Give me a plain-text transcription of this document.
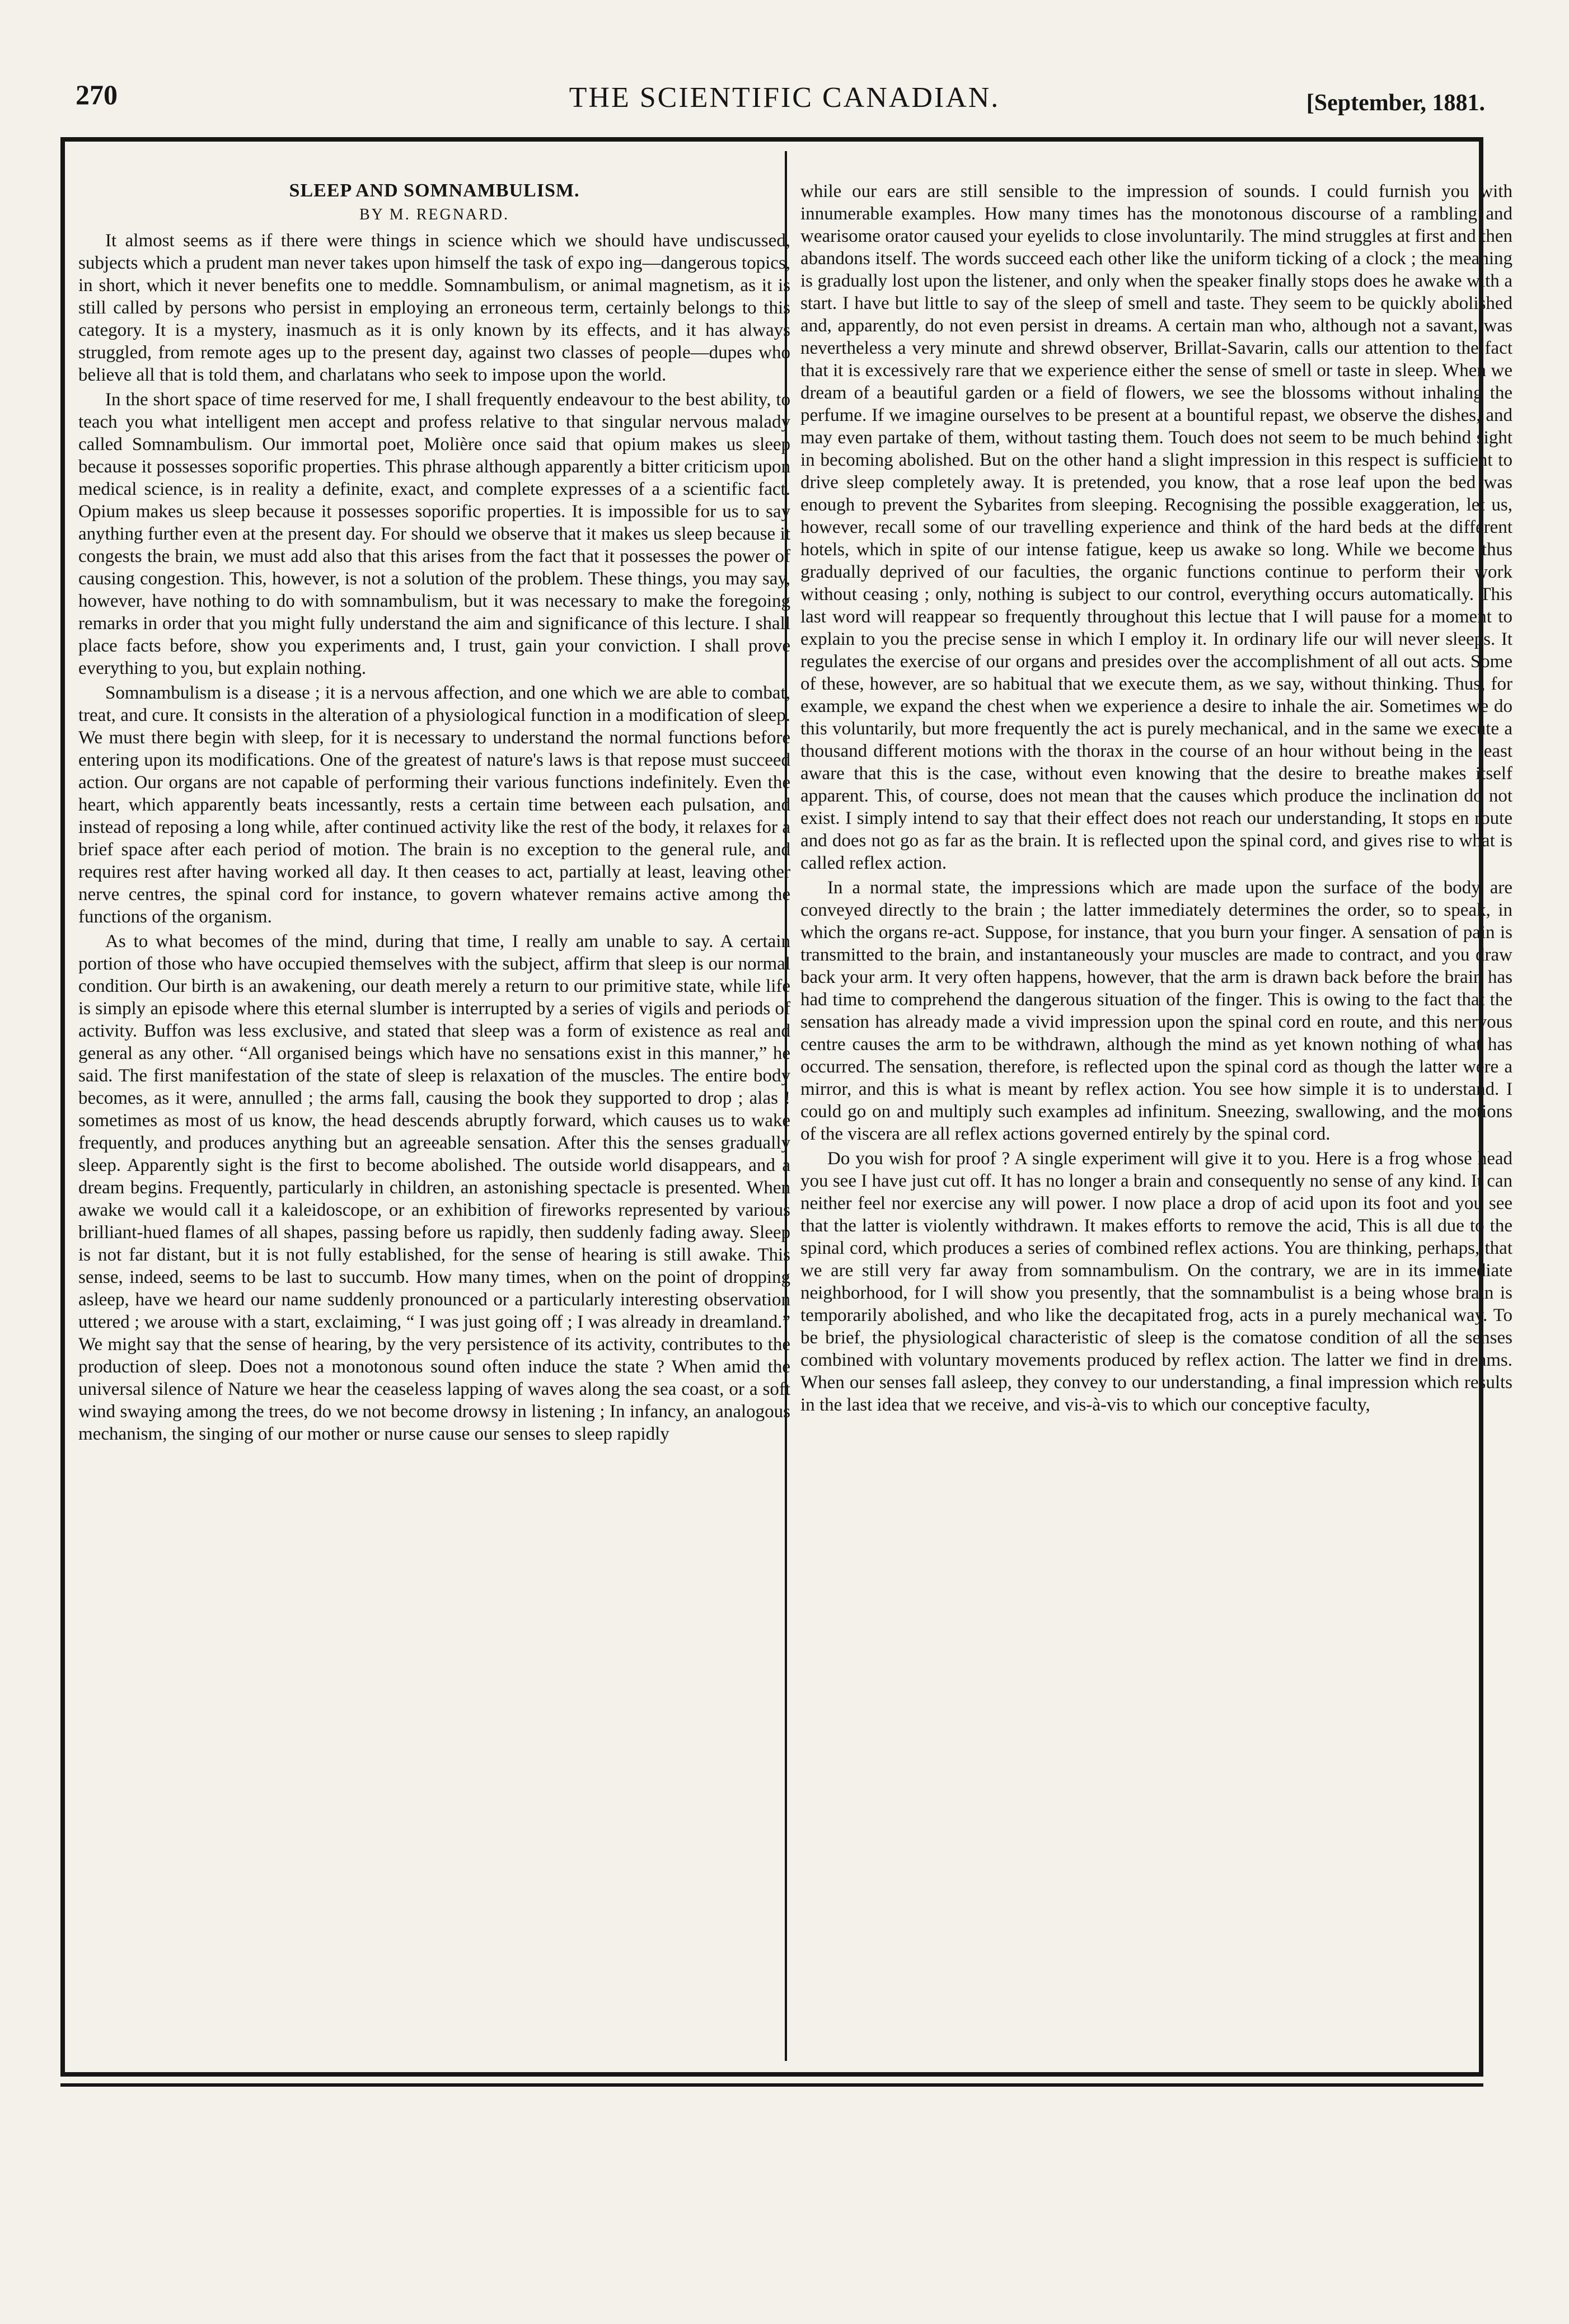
270	THE SCIENTIFIC CANADIAN.	[September, 1881.
SLEEP AND SOMNAMBULISM.
BY M. REGNARD.

It almost seems as if there were things in science which we should have undiscussed, subjects which a prudent man never takes upon himself the task of expo ing—dangerous topics, in short, which it never benefits one to meddle. Somnambulism, or animal magnetism, as it is still called by persons who persist in employing an erroneous term, certainly belongs to this category. It is a mystery, inasmuch as it is only known by its effects, and it has always struggled, from remote ages up to the present day, against two classes of people—dupes who believe all that is told them, and charlatans who seek to impose upon the world.

In the short space of time reserved for me, I shall frequently endeavour to the best ability, to teach you what intelligent men accept and profess relative to that singular nervous malady called Somnambulism. Our immortal poet, Molière once said that opium makes us sleep because it possesses soporific properties. This phrase although apparently a bitter criticism upon medical science, is in reality a definite, exact, and complete expresses of a a scientific fact. Opium makes us sleep because it possesses soporific properties. It is impossible for us to say anything further even at the present day. For should we observe that it makes us sleep because it congests the brain, we must add also that this arises from the fact that it possesses the power of causing congestion. This, however, is not a solution of the problem. These things, you may say, however, have nothing to do with somnambulism, but it was necessary to make the foregoing remarks in order that you might fully understand the aim and significance of this lecture. I shall place facts before, show you experiments and, I trust, gain your conviction. I shall prove everything to you, but explain nothing.

Somnambulism is a disease ; it is a nervous affection, and one which we are able to combat, treat, and cure. It consists in the alteration of a physiological function in a modification of sleep. We must there begin with sleep, for it is necessary to understand the normal functions before entering upon its modifications. One of the greatest of nature's laws is that repose must succeed action. Our organs are not capable of performing their various functions indefinitely. Even the heart, which apparently beats incessantly, rests a certain time between each pulsation, and instead of reposing a long while, after continued activity like the rest of the body, it relaxes for a brief space after each period of motion. The brain is no exception to the general rule, and requires rest after having worked all day. It then ceases to act, partially at least, leaving other nerve centres, the spinal cord for instance, to govern whatever remains active among the functions of the organism.

As to what becomes of the mind, during that time, I really am unable to say. A certain portion of those who have occupied themselves with the subject, affirm that sleep is our normal condition. Our birth is an awakening, our death merely a return to our primitive state, while life is simply an episode where this eternal slumber is interrupted by a series of vigils and periods of activity. Buffon was less exclusive, and stated that sleep was a form of existence as real and general as any other. “All organised beings which have no sensations exist in this manner,” he said. The first manifestation of the state of sleep is relaxation of the muscles. The entire body becomes, as it were, annulled ; the arms fall, causing the book they supported to drop ; alas ! sometimes as most of us know, the head descends abruptly forward, which causes us to wake frequently, and produces anything but an agreeable sensation. After this the senses gradually sleep. Apparently sight is the first to become abolished. The outside world disappears, and a dream begins. Frequently, particularly in children, an astonishing spectacle is presented. When awake we would call it a kaleidoscope, or an exhibition of fireworks represented by various brilliant-hued flames of all shapes, passing before us rapidly, then suddenly fading away. Sleep is not far distant, but it is not fully established, for the sense of hearing is still awake. This sense, indeed, seems to be last to succumb. How many times, when on the point of dropping asleep, have we heard our name suddenly pronounced or a particularly interesting observation uttered ; we arouse with a start, exclaiming, “ I was just going off ; I was already in dreamland.” We might say that the sense of hearing, by the very persistence of its activity, contributes to the production of sleep. Does not a monotonous sound often induce the state ? When amid the universal silence of Nature we hear the ceaseless lapping of waves along the sea coast, or a soft wind swaying among the trees, do we not become drowsy in listening ; In infancy, an analogous mechanism, the singing of our mother or nurse cause our senses to sleep rapidly

while our ears are still sensible to the impression of sounds. I could furnish you with innumerable examples. How many times has the monotonous discourse of a rambling and wearisome orator caused your eyelids to close involuntarily. The mind struggles at first and then abandons itself. The words succeed each other like the uniform ticking of a clock ; the meaning is gradually lost upon the listener, and only when the speaker finally stops does he awake with a start. I have but little to say of the sleep of smell and taste. They seem to be quickly abolished and, apparently, do not even persist in dreams. A certain man who, although not a savant, was nevertheless a very minute and shrewd observer, Brillat-Savarin, calls our attention to the fact that it is excessively rare that we experience either the sense of smell or taste in sleep. When we dream of a beautiful garden or a field of flowers, we see the blossoms without inhaling the perfume. If we imagine ourselves to be present at a bountiful repast, we observe the dishes, and may even partake of them, without tasting them. Touch does not seem to be much behind sight in becoming abolished. But on the other hand a slight impression in this respect is sufficient to drive sleep completely away. It is pretended, you know, that a rose leaf upon the bed was enough to prevent the Sybarites from sleeping. Recognising the possible exaggeration, let us, however, recall some of our travelling experience and think of the hard beds at the different hotels, which in spite of our intense fatigue, keep us awake so long. While we become thus gradually deprived of our faculties, the organic functions continue to perform their work without ceasing ; only, nothing is subject to our control, everything occurs automatically. This last word will reappear so frequently throughout this lectue that I will pause for a moment to explain to you the precise sense in which I employ it. In ordinary life our will never sleeps. It regulates the exercise of our organs and presides over the accomplishment of all out acts. Some of these, however, are so habitual that we execute them, as we say, without thinking. Thus, for example, we expand the chest when we experience a desire to inhale the air. Sometimes we do this voluntarily, but more frequently the act is purely mechanical, and in the same we execute a thousand different motions with the thorax in the course of an hour without being in the least aware that this is the case, without even knowing that the desire to breathe makes itself apparent. This, of course, does not mean that the causes which produce the inclination do not exist. I simply intend to say that their effect does not reach our understanding, It stops en route and does not go as far as the brain. It is reflected upon the spinal cord, and gives rise to what is called reflex action.

In a normal state, the impressions which are made upon the surface of the body are conveyed directly to the brain ; the latter immediately determines the order, so to speak, in which the organs re-act. Suppose, for instance, that you burn your finger. A sensation of pain is transmitted to the brain, and instantaneously your muscles are made to contract, and you draw back your arm. It very often happens, however, that the arm is drawn back before the brain has had time to comprehend the dangerous situation of the finger. This is owing to the fact that the sensation has already made a vivid impression upon the spinal cord en route, and this nervous centre causes the arm to be withdrawn, although the mind as yet known nothing of what has occurred. The sensation, therefore, is reflected upon the spinal cord as though the latter were a mirror, and this is what is meant by reflex action. You see how simple it is to understand. I could go on and multiply such examples ad infinitum. Sneezing, swallowing, and the motions of the viscera are all reflex actions governed entirely by the spinal cord.

Do you wish for proof ? A single experiment will give it to you. Here is a frog whose head you see I have just cut off. It has no longer a brain and consequently no sense of any kind. It can neither feel nor exercise any will power. I now place a drop of acid upon its foot and you see that the latter is violently withdrawn. It makes efforts to remove the acid, This is all due to the spinal cord, which produces a series of combined reflex actions. You are thinking, perhaps, that we are still very far away from somnambulism. On the contrary, we are in its immediate neighborhood, for I will show you presently, that the somnambulist is a being whose brain is temporarily abolished, and who like the decapitated frog, acts in a purely mechanical way. To be brief, the physiological characteristic of sleep is the comatose condition of all the senses combined with voluntary movements produced by reflex action. The latter we find in dreams. When our senses fall asleep, they convey to our understanding, a final impression which results in the last idea that we receive, and vis-à-vis to which our conceptive faculty,
